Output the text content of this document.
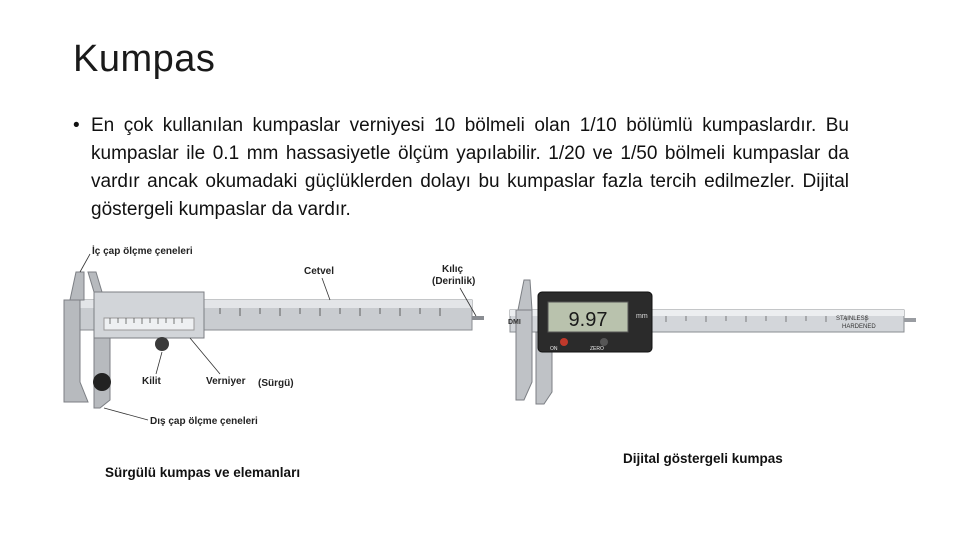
Kumpas
• En çok kullanılan kumpaslar verniyesi 10 bölmeli olan 1/10 bölümlü kumpaslardır. Bu kumpaslar ile 0.1 mm hassasiyetle ölçüm yapılabilir. 1/20 ve 1/50 bölmeli kumpaslar da vardır ancak okumadaki güçlüklerden dolayı bu kumpaslar fazla tercih edilmezler. Dijital göstergeli kumpaslar da vardır.
İç çap ölçme çeneleri
Cetvel	Kılıç
(Derinlik)
Kilit	Verniyer (Sürgü)
Dış çap ölçme çeneleri
Sürgülü kumpas ve elemanları
9.97	mm
ON	ZERO
DMI	STAINLESS
HARDENED
Dijital göstergeli kumpas
